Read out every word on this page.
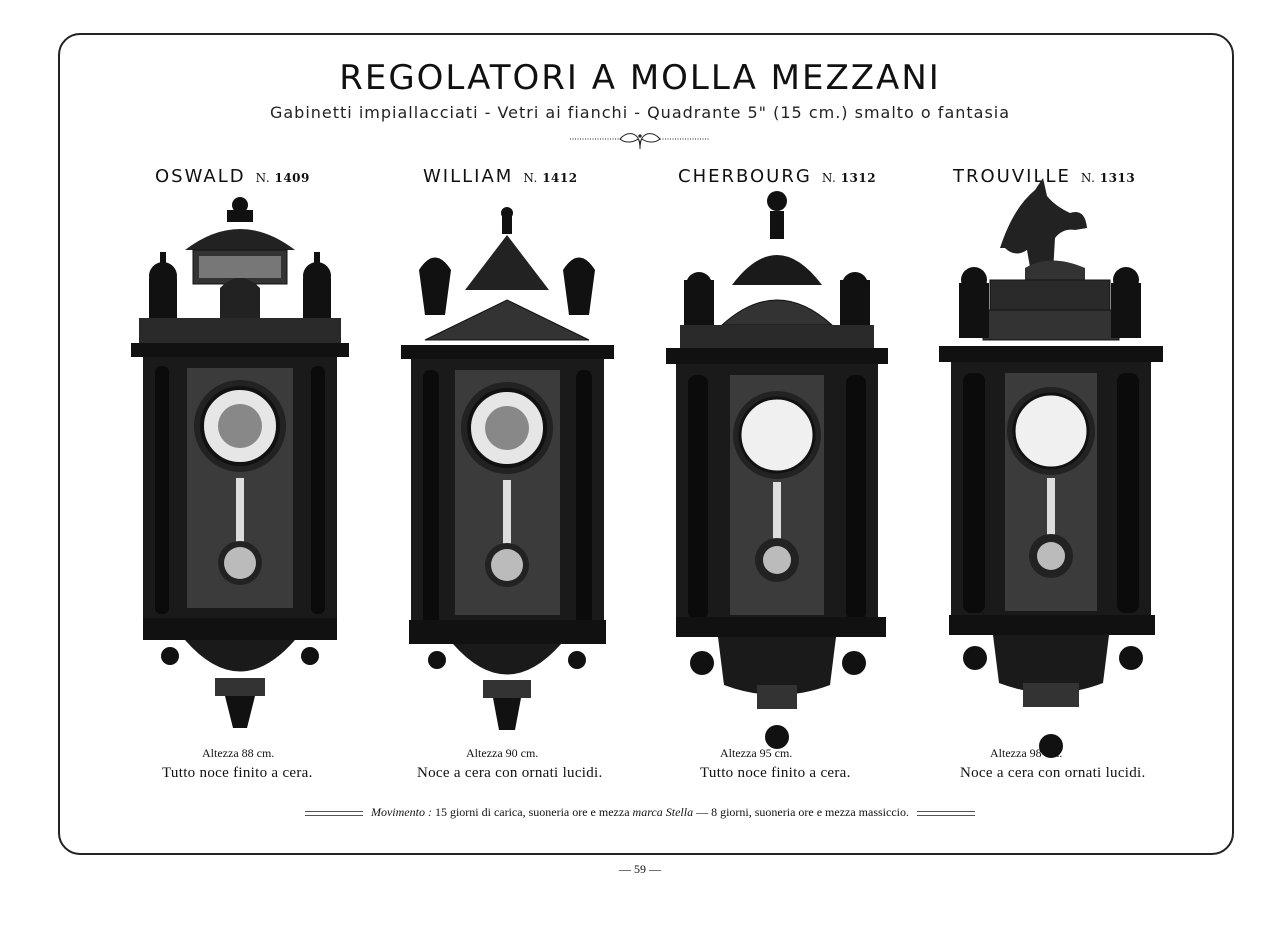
REGOLATORI A MOLLA MEZZANI
Gabinetti impiallacciati - Vetri ai fianchi - Quadrante 5" (15 cm.) smalto o fantasia
OSWALD N. 1409
Altezza 88 cm.
Tutto noce finito a cera.
WILLIAM N. 1412
Altezza 90 cm.
Noce a cera con ornati lucidi.
CHERBOURG N. 1312
Altezza 95 cm.
Tutto noce finito a cera.
TROUVILLE N. 1313
Altezza 98 cm.
Noce a cera con ornati lucidi.
Movimento : 15 giorni di carica, suoneria ore e mezza marca Stella — 8 giorni, suoneria ore e mezza massiccio.
— 59 —
